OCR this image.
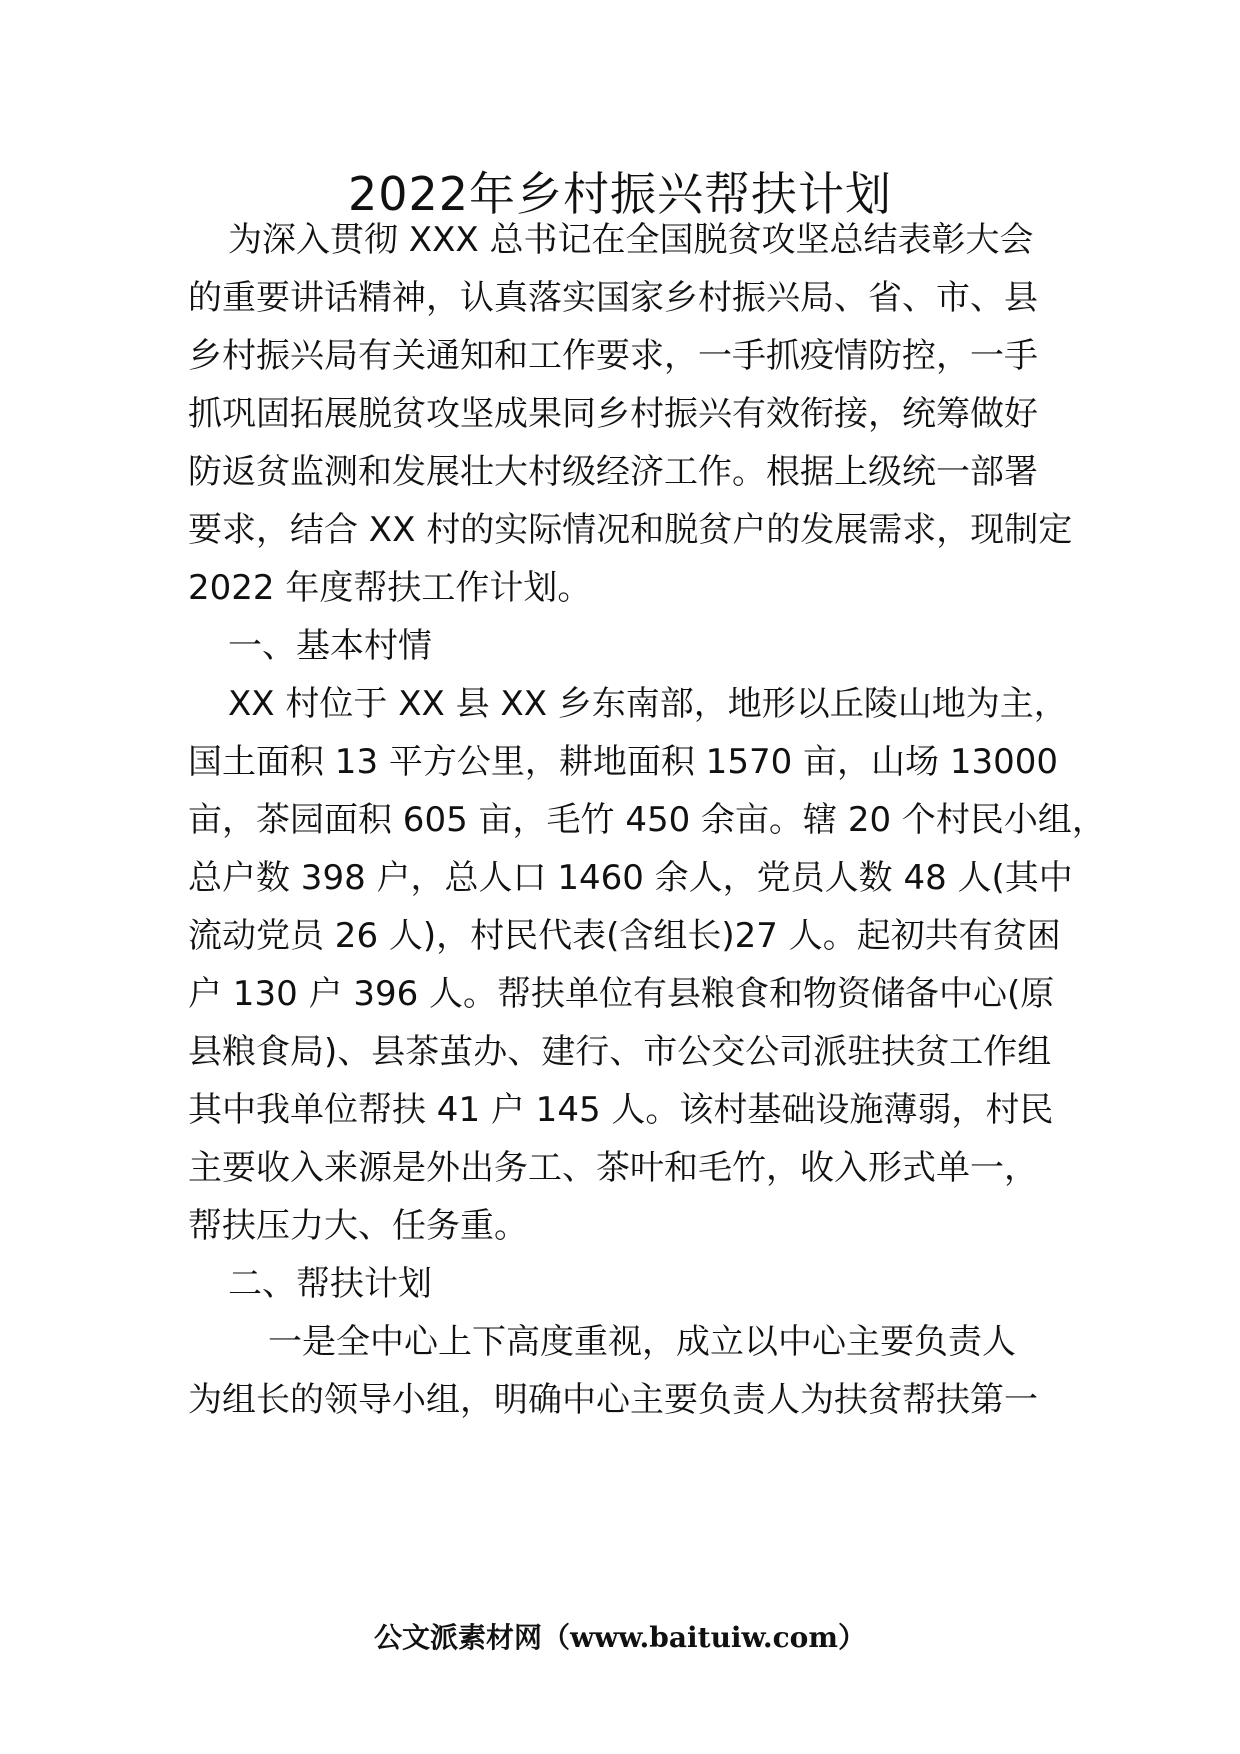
2022年乡村振兴帮扶计划
为深入贯彻 XXX 总书记在全国脱贫攻坚总结表彰大会
的重要讲话精神，认真落实国家乡村振兴局、省、市、县
乡村振兴局有关通知和工作要求，一手抓疫情防控，一手
抓巩固拓展脱贫攻坚成果同乡村振兴有效衔接，统筹做好
防返贫监测和发展壮大村级经济工作。根据上级统一部署
要求，结合 XX 村的实际情况和脱贫户的发展需求，现制定
2022 年度帮扶工作计划。
一、基本村情
XX 村位于 XX 县 XX 乡东南部，地形以丘陵山地为主，
国土面积 13 平方公里，耕地面积 1570 亩，山场 13000
亩，茶园面积 605 亩，毛竹 450 余亩。辖 20 个村民小组，
总户数 398 户，总人口 1460 余人，党员人数 48 人(其中
流动党员 26 人)，村民代表(含组长)27 人。起初共有贫困
户 130 户 396 人。帮扶单位有县粮食和物资储备中心(原
县粮食局)、县茶茧办、建行、市公交公司派驻扶贫工作组
其中我单位帮扶 41 户 145 人。该村基础设施薄弱，村民
主要收入来源是外出务工、茶叶和毛竹，收入形式单一，
帮扶压力大、任务重。
二、帮扶计划
一是全中心上下高度重视，成立以中心主要负责人
为组长的领导小组，明确中心主要负责人为扶贫帮扶第一
公文派素材网（www.baituiw.com）
